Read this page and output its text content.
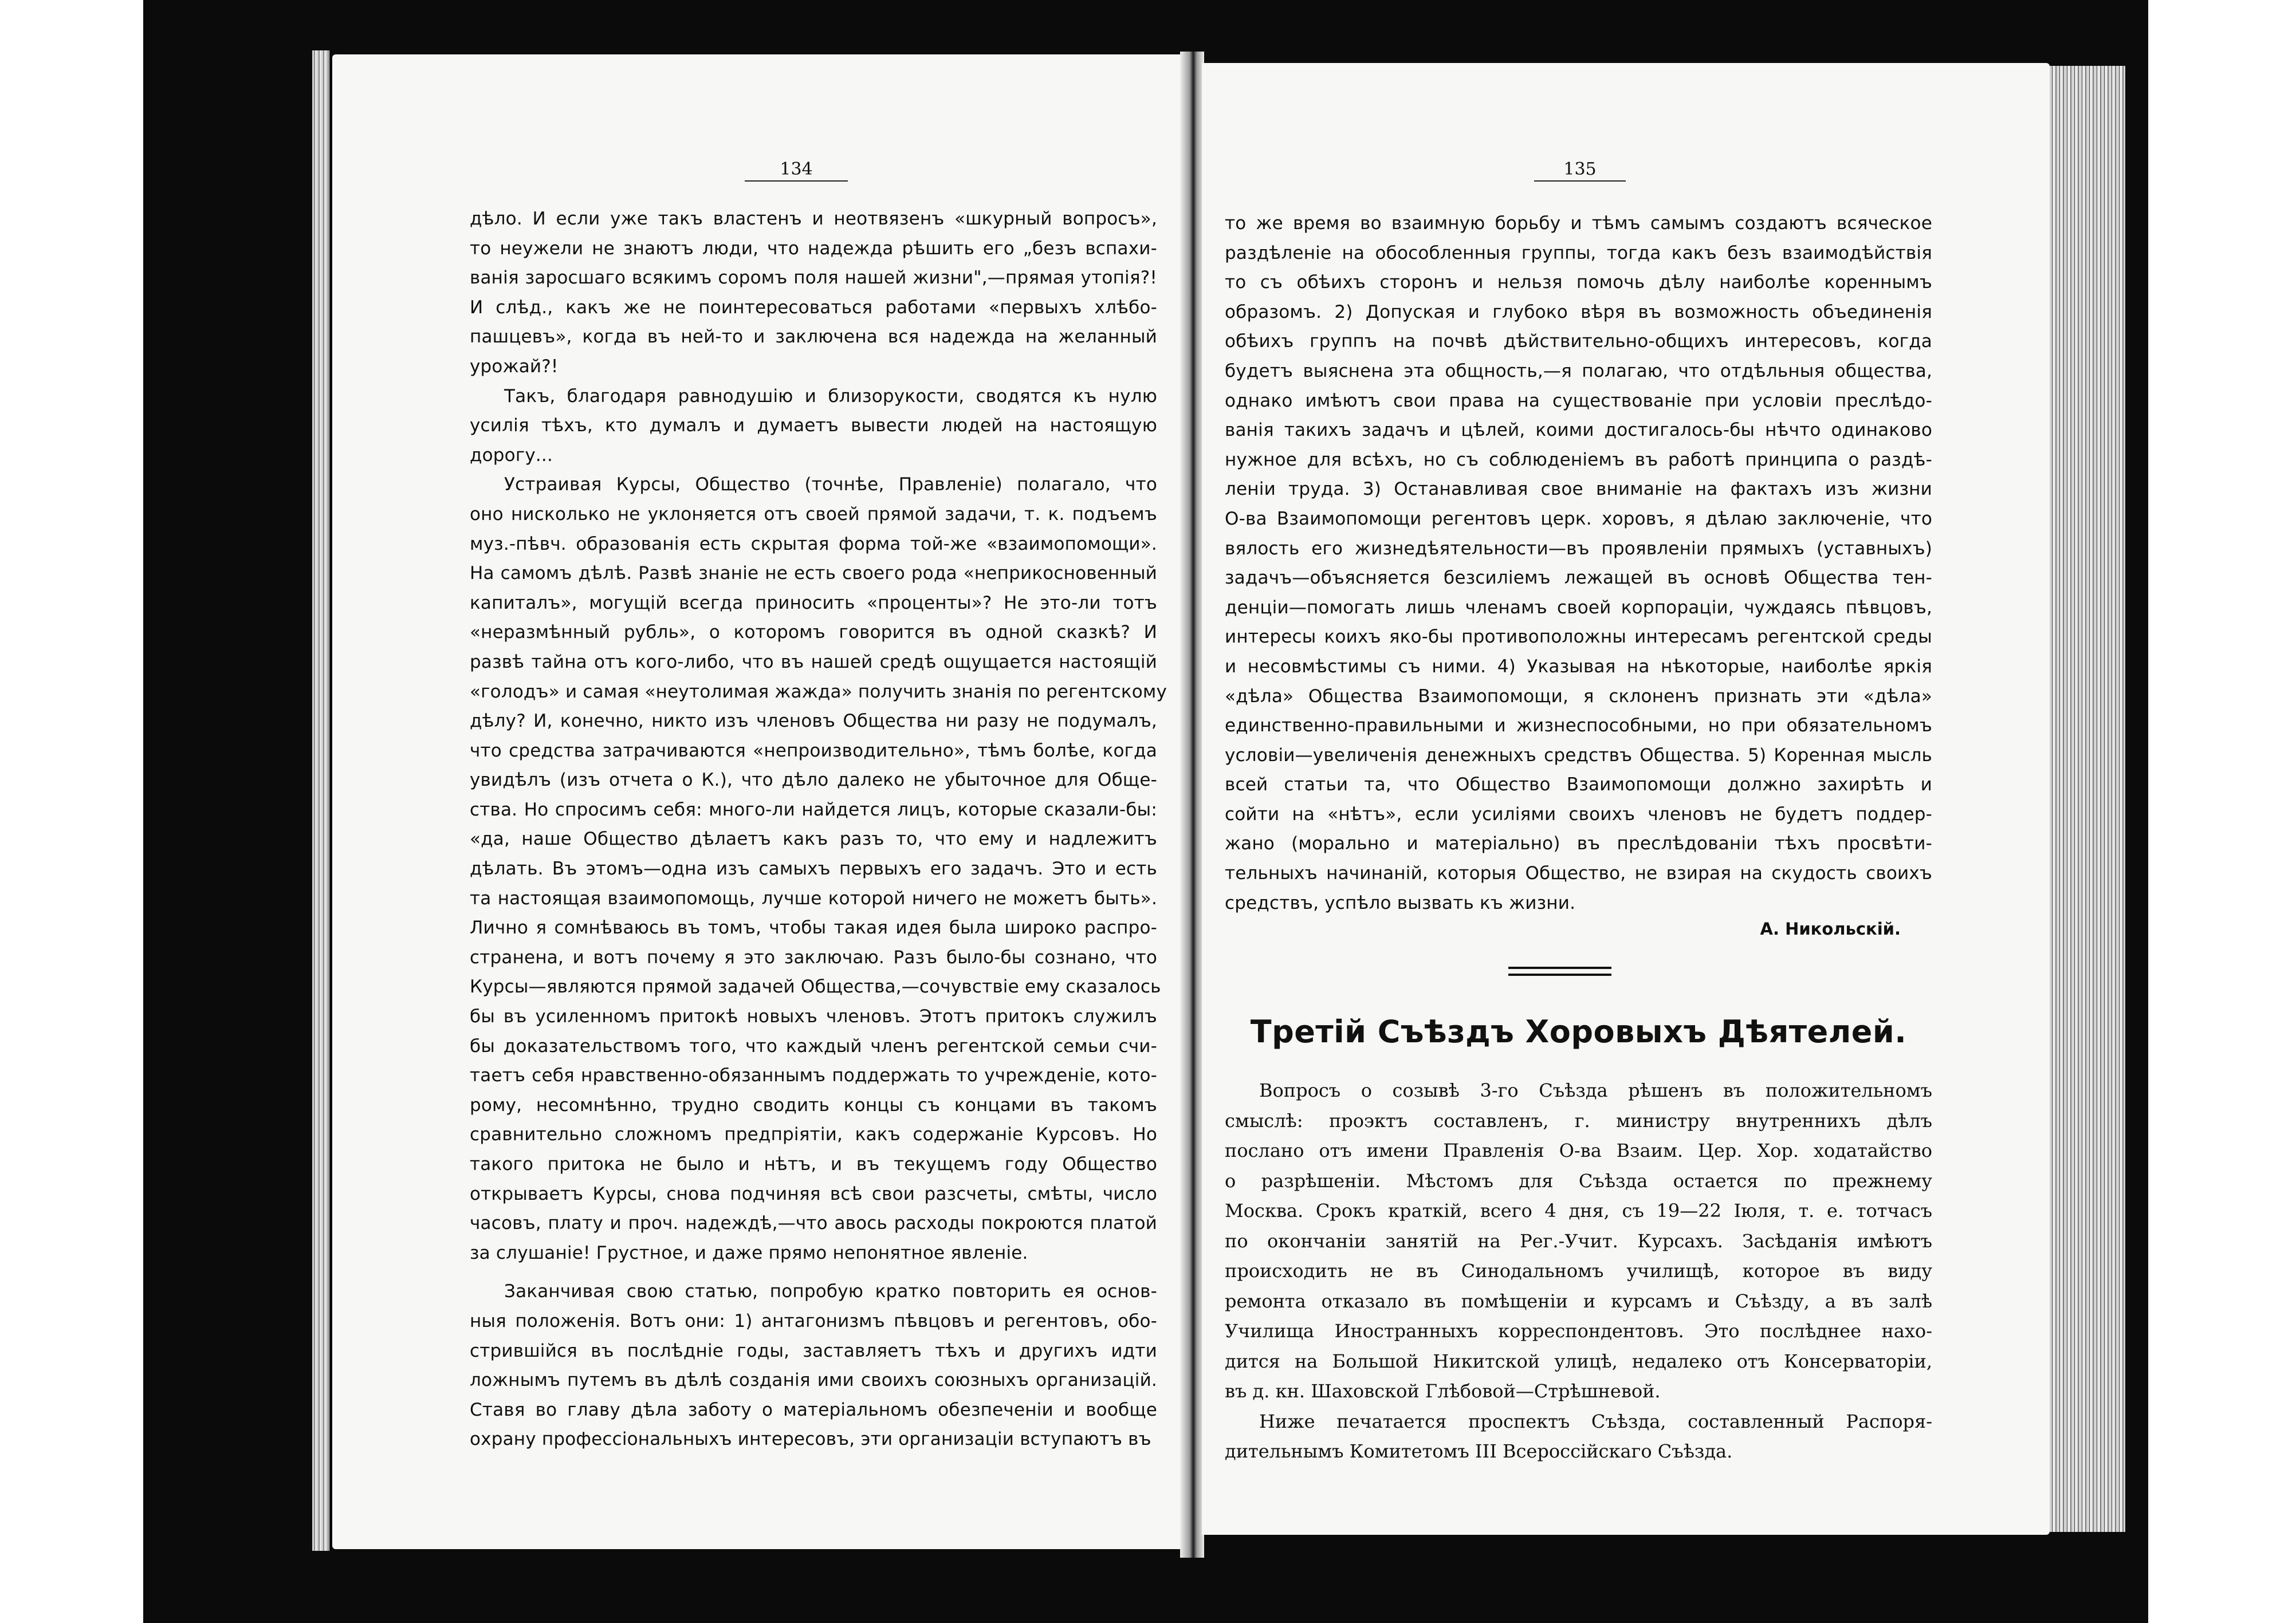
134
дѣло. И если уже такъ властенъ и неотвязенъ «шкурный вопросъ»,
то неужели не знаютъ люди, что надежда рѣшить его „безъ вспахи-
ванія заросшаго всякимъ соромъ поля нашей жизни",—прямая утопія?!
И слѣд., какъ же не поинтересоваться работами «первыхъ хлѣбо-
пашцевъ», когда въ ней-то и заключена вся надежда на желанный
урожай?!
Такъ, благодаря равнодушію и близорукости, сводятся къ нулю
усилія тѣхъ, кто думалъ и думаетъ вывести людей на настоящую
дорогу...
Устраивая Курсы, Общество (точнѣе, Правленіе) полагало, что
оно нисколько не уклоняется отъ своей прямой задачи, т. к. подъемъ
муз.-пѣвч. образованія есть скрытая форма той-же «взаимопомощи».
На самомъ дѣлѣ. Развѣ знаніе не есть своего рода «неприкосновенный
капиталъ», могущій всегда приносить «проценты»? Не это-ли тотъ
«неразмѣнный рубль», о которомъ говорится въ одной сказкѣ? И
развѣ тайна отъ кого-либо, что въ нашей средѣ ощущается настоящій
«голодъ» и самая «неутолимая жажда» получить знанія по регентскому
дѣлу? И, конечно, никто изъ членовъ Общества ни разу не подумалъ,
что средства затрачиваются «непроизводительно», тѣмъ болѣе, когда
увидѣлъ (изъ отчета о К.), что дѣло далеко не убыточное для Обще-
ства. Но спросимъ себя: много-ли найдется лицъ, которые сказали-бы:
«да, наше Общество дѣлаетъ какъ разъ то, что ему и надлежитъ
дѣлать. Въ этомъ—одна изъ самыхъ первыхъ его задачъ. Это и есть
та настоящая взаимопомощь, лучше которой ничего не можетъ быть».
Лично я сомнѣваюсь въ томъ, чтобы такая идея была широко распро-
странена, и вотъ почему я это заключаю. Разъ было-бы сознано, что
Курсы—являются прямой задачей Общества,—сочувствіе ему сказалось
бы въ усиленномъ притокѣ новыхъ членовъ. Этотъ притокъ служилъ
бы доказательствомъ того, что каждый членъ регентской семьи счи-
таетъ себя нравственно-обязаннымъ поддержать то учрежденіе, кото-
рому, несомнѣнно, трудно сводить концы съ концами въ такомъ
сравнительно сложномъ предпріятіи, какъ содержаніе Курсовъ. Но
такого притока не было и нѣтъ, и въ текущемъ году Общество
открываетъ Курсы, снова подчиняя всѣ свои разсчеты, смѣты, число
часовъ, плату и проч. надеждѣ,—что авось расходы покроются платой
за слушаніе! Грустное, и даже прямо непонятное явленіе.
Заканчивая свою статью, попробую кратко повторить ея основ-
ныя положенія. Вотъ они: 1) антагонизмъ пѣвцовъ и регентовъ, обо-
стрившійся въ послѣдніе годы, заставляетъ тѣхъ и другихъ идти
ложнымъ путемъ въ дѣлѣ созданія ими своихъ союзныхъ организацій.
Ставя во главу дѣла заботу о матеріальномъ обезпеченіи и вообще
охрану профессіональныхъ интересовъ, эти организаціи вступаютъ въ
135
то же время во взаимную борьбу и тѣмъ самымъ создаютъ всяческое
раздѣленіе на обособленныя группы, тогда какъ безъ взаимодѣйствія
то съ обѣихъ сторонъ и нельзя помочь дѣлу наиболѣе кореннымъ
образомъ. 2) Допуская и глубоко вѣря въ возможность объединенія
обѣихъ группъ на почвѣ дѣйствительно-общихъ интересовъ, когда
будетъ выяснена эта общность,—я полагаю, что отдѣльныя общества,
однако имѣютъ свои права на существованіе при условіи преслѣдо-
ванія такихъ задачъ и цѣлей, коими достигалось-бы нѣчто одинаково
нужное для всѣхъ, но съ соблюденіемъ въ работѣ принципа о раздѣ-
леніи труда. 3) Останавливая свое вниманіе на фактахъ изъ жизни
О-ва Взаимопомощи регентовъ церк. хоровъ, я дѣлаю заключеніе, что
вялость его жизнедѣятельности—въ проявленіи прямыхъ (уставныхъ)
задачъ—объясняется безсиліемъ лежащей въ основѣ Общества тен-
денціи—помогать лишь членамъ своей корпораціи, чуждаясь пѣвцовъ,
интересы коихъ яко-бы противоположны интересамъ регентской среды
и несовмѣстимы съ ними. 4) Указывая на нѣкоторые, наиболѣе яркія
«дѣла» Общества Взаимопомощи, я склоненъ признать эти «дѣла»
единственно-правильными и жизнеспособными, но при обязательномъ
условіи—увеличенія денежныхъ средствъ Общества. 5) Коренная мысль
всей статьи та, что Общество Взаимопомощи должно захирѣть и
сойти на «нѣтъ», если усиліями своихъ членовъ не будетъ поддер-
жано (морально и матеріально) въ преслѣдованіи тѣхъ просвѣти-
тельныхъ начинаній, которыя Общество, не взирая на скудость своихъ
средствъ, успѣло вызвать къ жизни.
А. Никольскій.
Третій Съѣздъ Хоровыхъ Дѣятелей.
Вопросъ о созывѣ 3-го Съѣзда рѣшенъ въ положительномъ
смыслѣ: проэктъ составленъ, г. министру внутреннихъ дѣлъ
послано отъ имени Правленія О-ва Взаим. Цер. Хор. ходатайство
о разрѣшеніи. Мѣстомъ для Съѣзда остается по прежнему
Москва. Срокъ краткій, всего 4 дня, съ 19—22 Іюля, т. е. тотчасъ
по окончаніи занятій на Рег.-Учит. Курсахъ. Засѣданія имѣютъ
происходить не въ Синодальномъ училищѣ, которое въ виду
ремонта отказало въ помѣщеніи и курсамъ и Съѣзду, а въ залѣ
Училища Иностранныхъ корреспондентовъ. Это послѣднее нахо-
дится на Большой Никитской улицѣ, недалеко отъ Консерваторіи,
въ д. кн. Шаховской Глѣбовой—Стрѣшневой.
Ниже печатается проспектъ Съѣзда, составленный Распоря-
дительнымъ Комитетомъ III Всероссійскаго Съѣзда.
